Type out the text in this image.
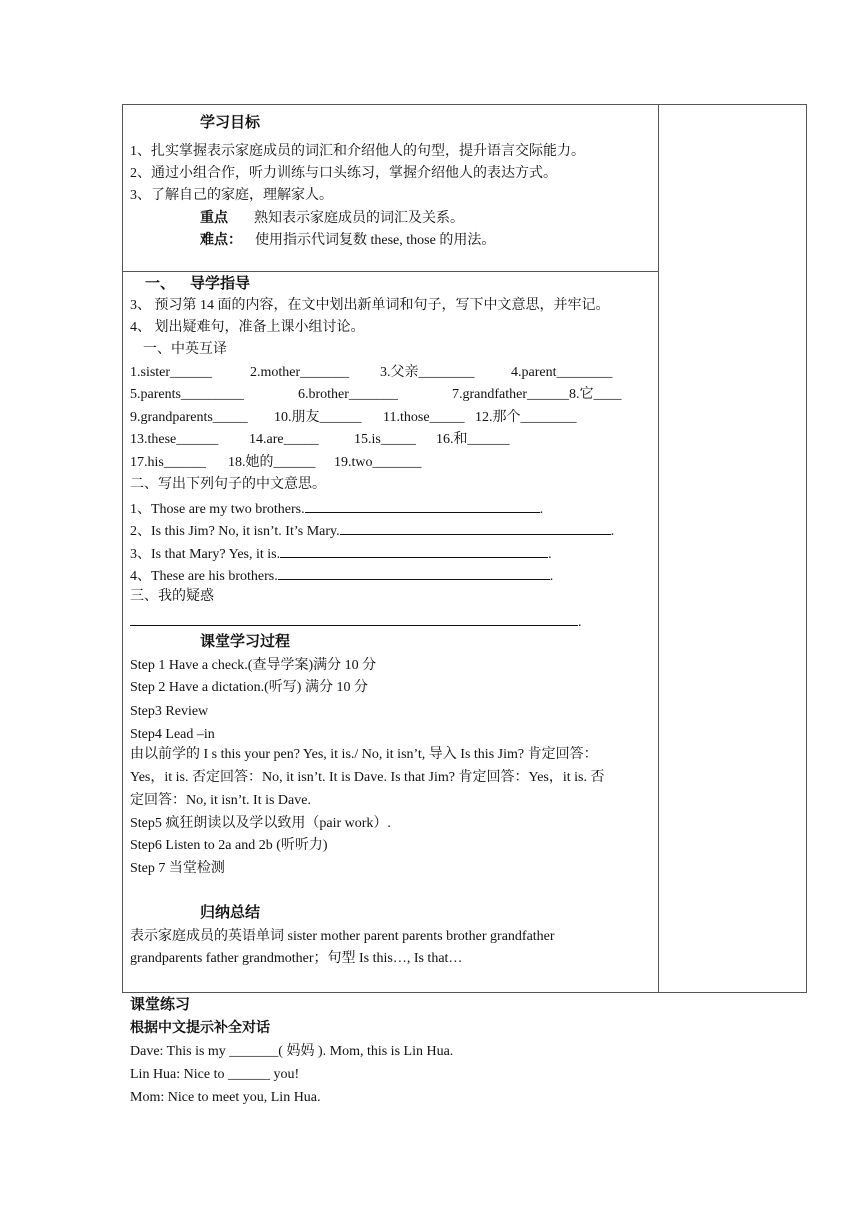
学习目标
1、扎实掌握表示家庭成员的词汇和介绍他人的句型，提升语言交际能力。
2、通过小组合作，听力训练与口头练习，掌握介绍他人的表达方式。
3、了解自己的家庭，理解家人。
重点 熟知表示家庭成员的词汇及关系。
难点： 使用指示代词复数 these, those 的用法。
一、 导学指导
3、 预习第 14 面的内容，在文中划出新单词和句子，写下中文意思，并牢记。
4、 划出疑难句，准备上课小组讨论。
一、中英互译
1.sister______	2.mother_______ 3.父亲________	4.parent________
5.parents_________	6.brother_______	7.grandfather______8.它____
9.grandparents_____ 10.朋友______ 11.those_____ 12.那个________
13.these______ 14.are_____	15.is_____ 16.和______
17.his______ 18.她的______ 19.two_______
二、写出下列句子的中文意思。
1、Those are my two brothers.	.
2、Is this Jim? No, it isn’t. It’s Mary.	.
3、Is that Mary? Yes, it is.	.
4、These are his brothers.	.
三、我的疑惑
.
课堂学习过程
Step 1 Have a check.(查导学案)满分 10 分
Step 2 Have a dictation.(听写) 满分 10 分
Step3 Review
Step4 Lead –in
由以前学的 I s this your pen? Yes, it is./ No, it isn’t, 导入 Is this Jim? 肯定回答：
Yes，it is. 否定回答：No, it isn’t. It is Dave. Is that Jim? 肯定回答：Yes，it is. 否
定回答：No, it isn’t. It is Dave.
Step5 疯狂朗读以及学以致用（pair work）.
Step6 Listen to 2a and 2b (听听力)
Step 7 当堂检测
归纳总结
表示家庭成员的英语单词 sister mother parent parents brother grandfather
grandparents father grandmother；句型 Is this…, Is that…
课堂练习
根据中文提示补全对话
Dave: This is my _______( 妈妈 ). Mom, this is Lin Hua.
Lin Hua: Nice to ______ you!
Mom: Nice to meet you, Lin Hua.
